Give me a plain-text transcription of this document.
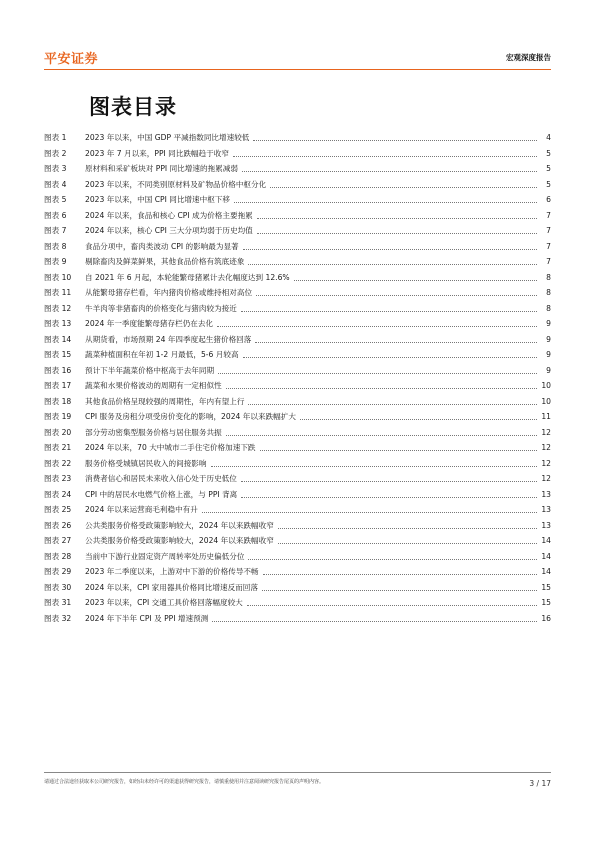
平安证券	宏观深度报告
图表目录
图表 1	2023 年以来，中国 GDP 平减指数同比增速较低	4
图表 2	2023 年 7 月以来，PPI 同比跌幅趋于收窄	5
图表 3	原材料和采矿板块对 PPI 同比增速的拖累减弱	5
图表 4	2023 年以来，不同类别原材料及矿物品价格中枢分化	5
图表 5	2023 年以来，中国 CPI 同比增速中枢下移	6
图表 6	2024 年以来，食品和核心 CPI 成为价格主要拖累	7
图表 7	2024 年以来，核心 CPI 三大分项均弱于历史均值	7
图表 8	食品分项中，畜肉类波动 CPI 的影响最为显著	7
图表 9	剔除畜肉及鲜菜鲜果，其他食品价格有筑底迹象	7
图表 10	自 2021 年 6 月起，本轮能繁母猪累计去化幅度达到 12.6%	8
图表 11	从能繁母猪存栏看，年内猪肉价格或维持相对高位	8
图表 12	牛羊肉等非猪畜肉的价格变化与猪肉较为接近	8
图表 13	2024 年一季度能繁母猪存栏仍在去化	9
图表 14	从期货看，市场预期 24 年四季度起生猪价格回落	9
图表 15	蔬菜种植面积在年初 1-2 月最低，5-6 月较高	9
图表 16	预计下半年蔬菜价格中枢高于去年同期	9
图表 17	蔬菜和水果价格波动的周期有一定相似性	10
图表 18	其他食品价格呈现较强的周期性，年内有望上行	10
图表 19	CPI 服务及房租分项受房价变化的影响，2024 年以来跌幅扩大	11
图表 20	部分劳动密集型服务价格与居住服务共振	12
图表 21	2024 年以来，70 大中城市二手住宅价格加速下跌	12
图表 22	服务价格受城镇居民收入的间接影响	12
图表 23	消费者信心和居民未来收入信心处于历史低位	12
图表 24	CPI 中的居民水电燃气价格上涨，与 PPI 背离	13
图表 25	2024 年以来运营商毛利稳中有升	13
图表 26	公共类服务价格受政策影响较大，2024 年以来跌幅收窄	13
图表 27	公共类服务价格受政策影响较大，2024 年以来跌幅收窄	14
图表 28	当前中下游行业固定资产周转率处历史偏低分位	14
图表 29	2023 年二季度以来，上游对中下游的价格传导不畅	14
图表 30	2024 年以来，CPI 家用器具价格同比增速反而回落	15
图表 31	2023 年以来，CPI 交通工具价格回落幅度较大	15
图表 32	2024 年下半年 CPI 及 PPI 增速预测	16
请通过合法途径获取本公司研究报告，如经由未经许可的渠道获得研究报告，请慎重使用并注意阅读研究报告尾页的声明内容。	3 / 17
